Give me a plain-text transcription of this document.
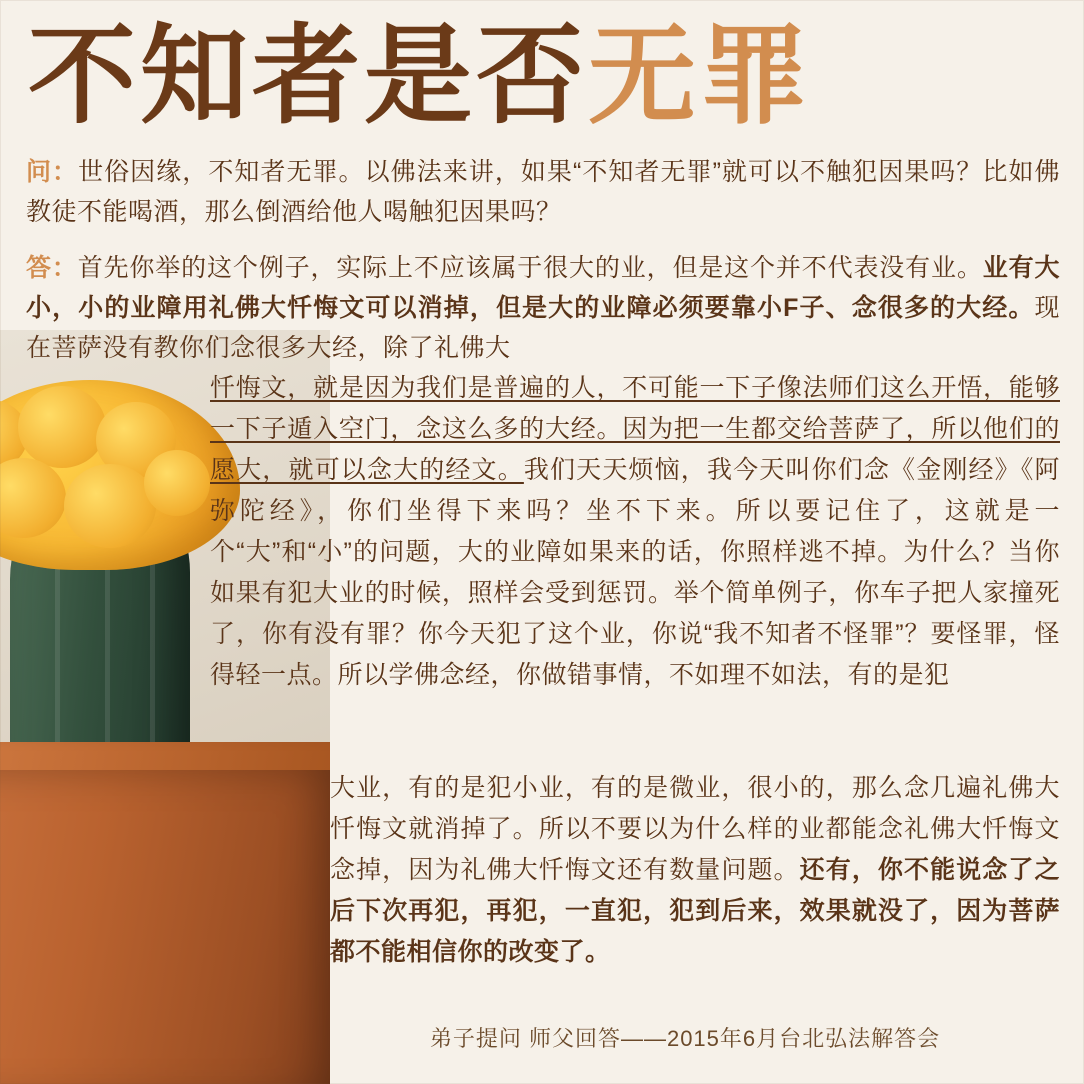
不知者是否无罪
问：世俗因缘，不知者无罪。以佛法来讲，如果“不知者无罪”就可以不触犯因果吗？比如佛教徒不能喝酒，那么倒酒给他人喝触犯因果吗？
答：首先你举的这个例子，实际上不应该属于很大的业，但是这个并不代表没有业。业有大小，小的业障用礼佛大忏悔文可以消掉，但是大的业障必须要靠小F子、念很多的大经。现在菩萨没有教你们念很多大经，除了礼佛大
忏悔文，就是因为我们是普遍的人，不可能一下子像法师们这么开悟，能够一下子遁入空门，念这么多的大经。因为把一生都交给菩萨了，所以他们的愿大，就可以念大的经文。我们天天烦恼，我今天叫你们念《金刚经》《阿弥陀经》，你们坐得下来吗？坐不下来。所以要记住了，这就是一个“大”和“小”的问题，大的业障如果来的话，你照样逃不掉。为什么？当你如果有犯大业的时候，照样会受到惩罚。举个简单例子，你车子把人家撞死了，你有没有罪？你今天犯了这个业，你说“我不知者不怪罪”？要怪罪，怪得轻一点。所以学佛念经，你做错事情，不如理不如法，有的是犯
大业，有的是犯小业，有的是微业，很小的，那么念几遍礼佛大忏悔文就消掉了。所以不要以为什么样的业都能念礼佛大忏悔文念掉，因为礼佛大忏悔文还有数量问题。还有，你不能说念了之后下次再犯，再犯，一直犯，犯到后来，效果就没了，因为菩萨都不能相信你的改变了。
弟子提问 师父回答——2015年6月台北弘法解答会
